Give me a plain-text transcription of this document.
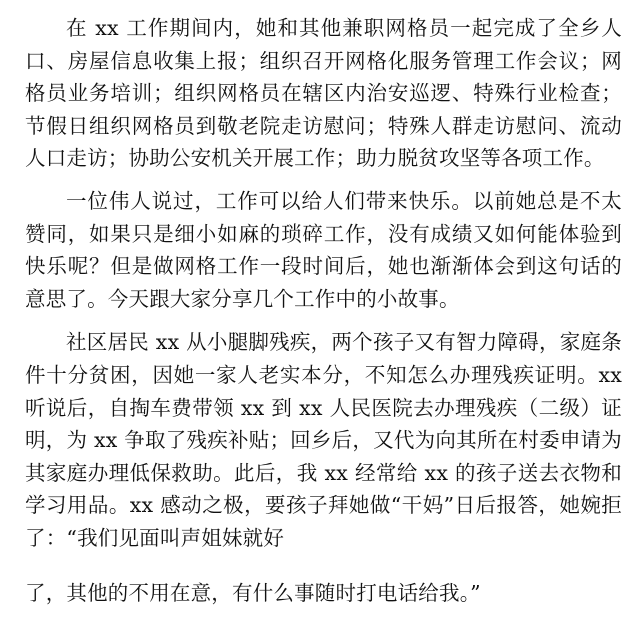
在 xx 工作期间内，她和其他兼职网格员一起完成了全乡人口、房屋信息收集上报；组织召开网格化服务管理工作会议；网格员业务培训；组织网格员在辖区内治安巡逻、特殊行业检查；节假日组织网格员到敬老院走访慰问；特殊人群走访慰问、流动人口走访；协助公安机关开展工作；助力脱贫攻坚等各项工作。

一位伟人说过，工作可以给人们带来快乐。以前她总是不太赞同，如果只是细小如麻的琐碎工作，没有成绩又如何能体验到快乐呢？但是做网格工作一段时间后，她也渐渐体会到这句话的意思了。今天跟大家分享几个工作中的小故事。

社区居民 xx 从小腿脚残疾，两个孩子又有智力障碍，家庭条件十分贫困，因她一家人老实本分，不知怎么办理残疾证明。xx 听说后，自掏车费带领 xx 到 xx 人民医院去办理残疾（二级）证明，为 xx 争取了残疾补贴；回乡后，又代为向其所在村委申请为其家庭办理低保救助。此后，我 xx 经常给 xx 的孩子送去衣物和学习用品。xx 感动之极，要孩子拜她做“干妈”日后报答，她婉拒了：“我们见面叫声姐妹就好

了，其他的不用在意，有什么事随时打电话给我。”
